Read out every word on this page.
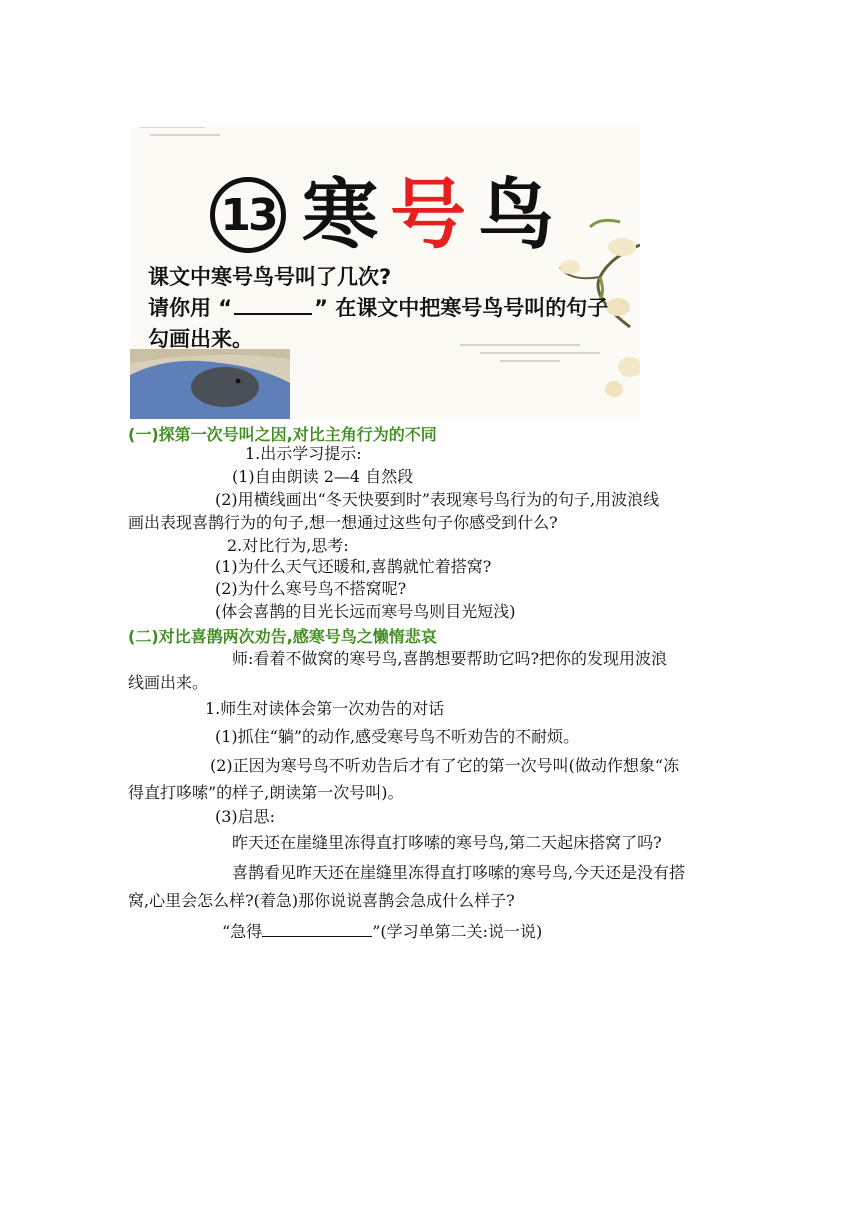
13 寒号鸟
课文中寒号鸟号叫了几次?
请你用 “	” 在课文中把寒号鸟号叫的句子
勾画出来。
(一)探第一次号叫之因,对比主角行为的不同
1.出示学习提示:
(1)自由朗读 2—4 自然段
(2)用横线画出“冬天快要到时”表现寒号鸟行为的句子,用波浪线
画出表现喜鹊行为的句子,想一想通过这些句子你感受到什么?
2.对比行为,思考:
(1)为什么天气还暖和,喜鹊就忙着搭窝?
(2)为什么寒号鸟不搭窝呢?
(体会喜鹊的目光长远而寒号鸟则目光短浅)
(二)对比喜鹊两次劝告,感寒号鸟之懒惰悲哀
师:看着不做窝的寒号鸟,喜鹊想要帮助它吗?把你的发现用波浪
线画出来。
1.师生对读体会第一次劝告的对话
(1)抓住“躺”的动作,感受寒号鸟不听劝告的不耐烦。
(2)正因为寒号鸟不听劝告后才有了它的第一次号叫(做动作想象“冻
得直打哆嗦”的样子,朗读第一次号叫)。
(3)启思:
昨天还在崖缝里冻得直打哆嗦的寒号鸟,第二天起床搭窝了吗?
喜鹊看见昨天还在崖缝里冻得直打哆嗦的寒号鸟,今天还是没有搭
窝,心里会怎么样?(着急)那你说说喜鹊会急成什么样子?
“急得	”(学习单第二关:说一说)
